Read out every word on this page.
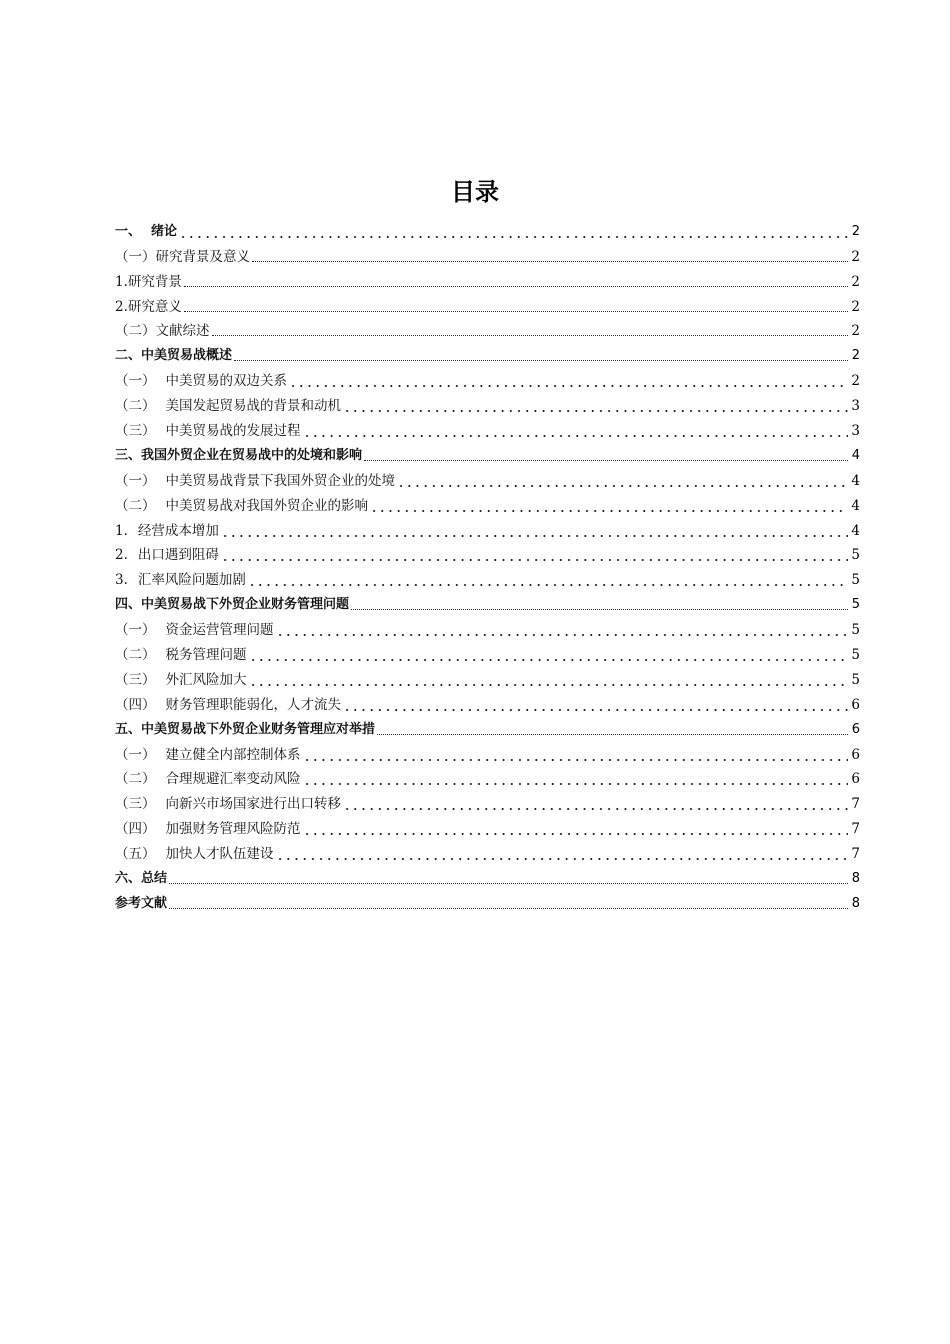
目录
一、 绪论	2
（一）研究背景及意义	2
1.研究背景	2
2.研究意义	2
（二）文献综述	2
二、中美贸易战概述	2
（一） 中美贸易的双边关系	2
（二） 美国发起贸易战的背景和动机	3
（三） 中美贸易战的发展过程	3
三、我国外贸企业在贸易战中的处境和影响	4
（一） 中美贸易战背景下我国外贸企业的处境	4
（二） 中美贸易战对我国外贸企业的影响	4
1. 经营成本增加	4
2. 出口遇到阻碍	5
3. 汇率风险问题加剧	5
四、中美贸易战下外贸企业财务管理问题	5
（一） 资金运营管理问题	5
（二） 税务管理问题	5
（三） 外汇风险加大	5
（四） 财务管理职能弱化，人才流失	6
五、中美贸易战下外贸企业财务管理应对举措	6
（一） 建立健全内部控制体系	6
（二） 合理规避汇率变动风险	6
（三） 向新兴市场国家进行出口转移	7
（四） 加强财务管理风险防范	7
（五） 加快人才队伍建设	7
六、总结	8
参考文献	8
